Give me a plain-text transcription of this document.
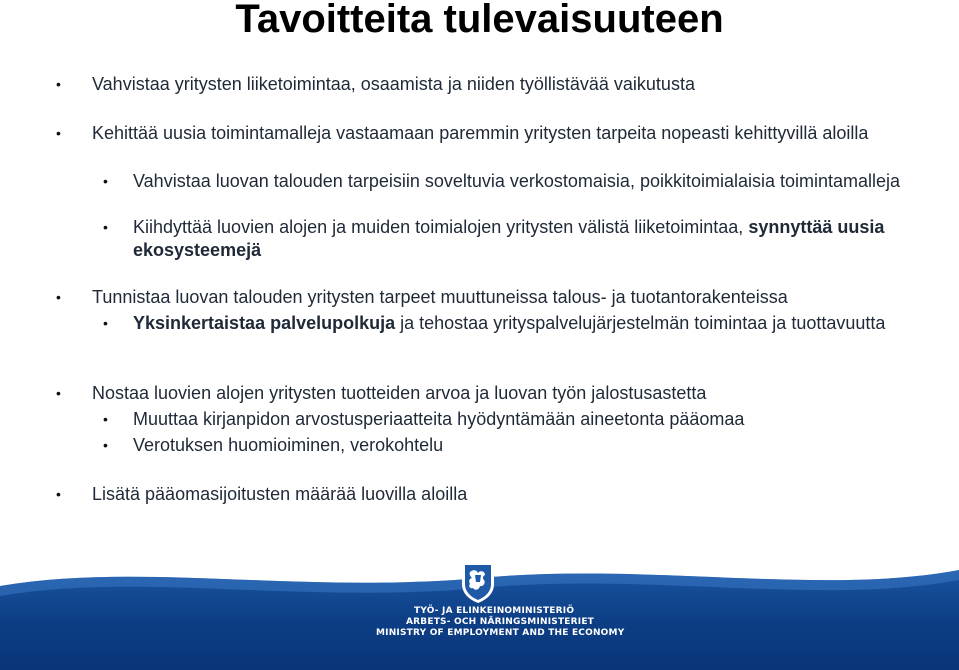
Tavoitteita tulevaisuuteen
• Vahvistaa yritysten liiketoimintaa, osaamista ja niiden työllistävää vaikutusta
• Kehittää uusia toimintamalleja vastaamaan paremmin yritysten tarpeita nopeasti kehittyvillä aloilla
• Vahvistaa luovan talouden tarpeisiin soveltuvia verkostomaisia, poikkitoimialaisia toimintamalleja
• Kiihdyttää luovien alojen ja muiden toimialojen yritysten välistä liiketoimintaa, synnyttää uusia ekosysteemejä
• Tunnistaa luovan talouden yritysten tarpeet muuttuneissa talous- ja tuotantorakenteissa
• Yksinkertaistaa palvelupolkuja ja tehostaa yrityspalvelujärjestelmän toimintaa ja tuottavuutta
• Nostaa luovien alojen yritysten tuotteiden arvoa ja luovan työn jalostusastetta
• Muuttaa kirjanpidon arvostusperiaatteita hyödyntämään aineetonta pääomaa
• Verotuksen huomioiminen, verokohtelu
• Lisätä pääomasijoitusten määrää luovilla aloilla
TYÖ- JA ELINKEINOMINISTERIÖ
ARBETS- OCH NÄRINGSMINISTERIET
MINISTRY OF EMPLOYMENT AND THE ECONOMY
